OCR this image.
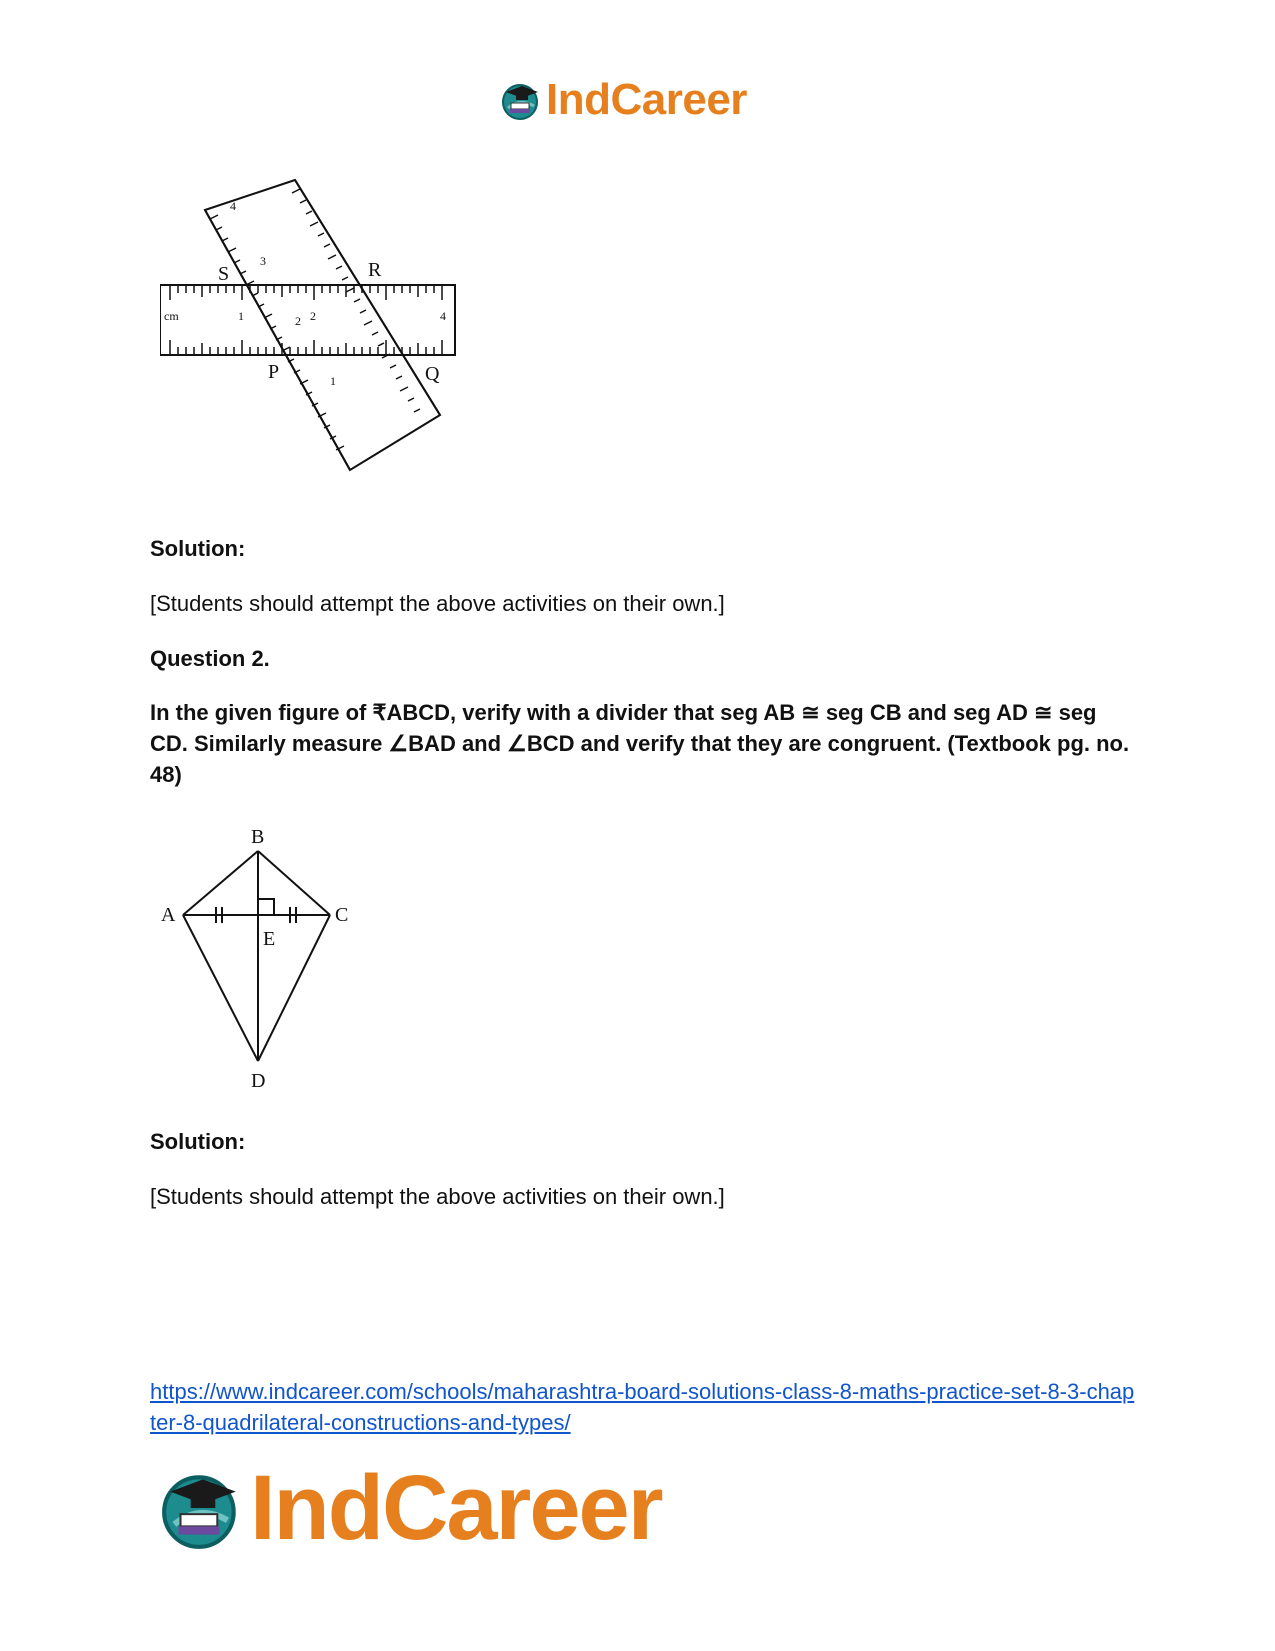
IndCareer
cm	1	2	4
4
3
2
1
S	R
P	Q
Solution:
[Students should attempt the above activities on their own.]
Question 2.
In the given figure of ₹ABCD, verify with a divider that seg AB ≅ seg CB and seg AD ≅ seg CD. Similarly measure ∠BAD and ∠BCD and verify that they are congruent. (Textbook pg. no. 48)
B
A	C
E
D
Solution:
[Students should attempt the above activities on their own.]
https://www.indcareer.com/schools/maharashtra-board-solutions-class-8-maths-practice-set-8-3-chapter-8-quadrilateral-constructions-and-types/
IndCareer
